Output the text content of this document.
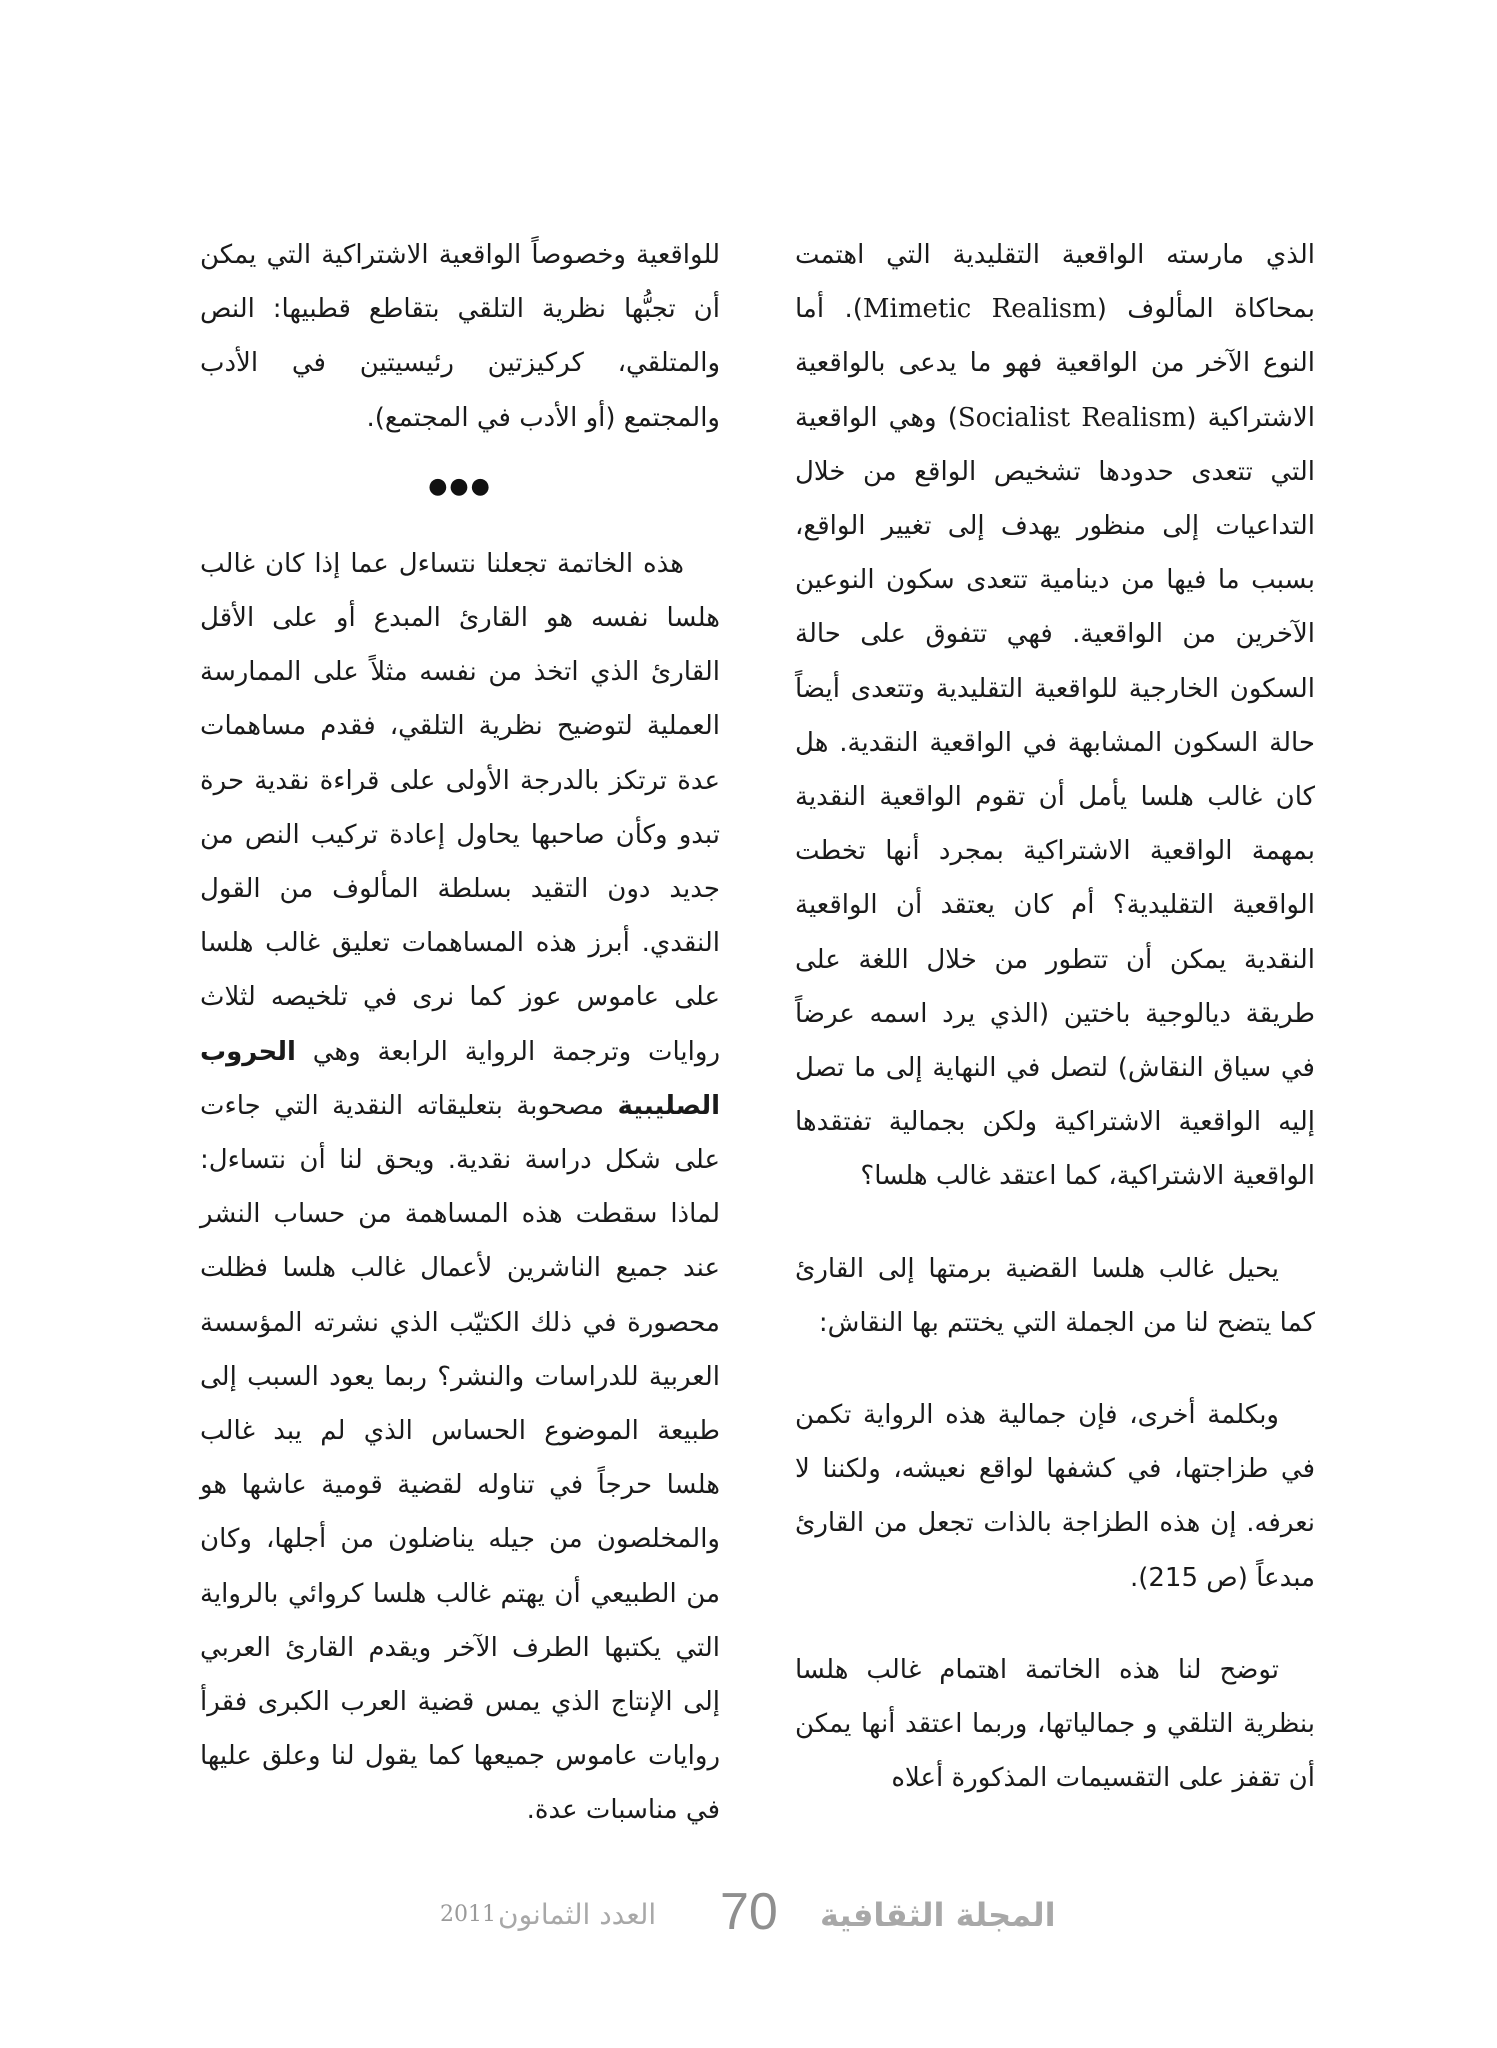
الذي مارسته الواقعية التقليدية التي اهتمت بمحاكاة المألوف (Mimetic Realism). أما النوع الآخر من الواقعية فهو ما يدعى بالواقعية الاشتراكية (Socialist Realism) وهي الواقعية التي تتعدى حدودها تشخيص الواقع من خلال التداعيات إلى منظور يهدف إلى تغيير الواقع، بسبب ما فيها من دينامية تتعدى سكون النوعين الآخرين من الواقعية. فهي تتفوق على حالة السكون الخارجية للواقعية التقليدية وتتعدى أيضاً حالة السكون المشابهة في الواقعية النقدية. هل كان غالب هلسا يأمل أن تقوم الواقعية النقدية بمهمة الواقعية الاشتراكية بمجرد أنها تخطت الواقعية التقليدية؟ أم كان يعتقد أن الواقعية النقدية يمكن أن تتطور من خلال اللغة على طريقة ديالوجية باختين (الذي يرد اسمه عرضاً في سياق النقاش) لتصل في النهاية إلى ما تصل إليه الواقعية الاشتراكية ولكن بجمالية تفتقدها الواقعية الاشتراكية، كما اعتقد غالب هلسا؟

يحيل غالب هلسا القضية برمتها إلى القارئ كما يتضح لنا من الجملة التي يختتم بها النقاش:

وبكلمة أخرى، فإن جمالية هذه الرواية تكمن في طزاجتها، في كشفها لواقع نعيشه، ولكننا لا نعرفه. إن هذه الطزاجة بالذات تجعل من القارئ مبدعاً (ص 215).

توضح لنا هذه الخاتمة اهتمام غالب هلسا بنظرية التلقي و جمالياتها، وربما اعتقد أنها يمكن أن تقفز على التقسيمات المذكورة أعلاه

للواقعية وخصوصاً الواقعية الاشتراكية التي يمكن أن تجبُّها نظرية التلقي بتقاطع قطبيها: النص والمتلقي، كركيزتين رئيسيتين في الأدب والمجتمع (أو الأدب في المجتمع).

●●●

هذه الخاتمة تجعلنا نتساءل عما إذا كان غالب هلسا نفسه هو القارئ المبدع أو على الأقل القارئ الذي اتخذ من نفسه مثلاً على الممارسة العملية لتوضيح نظرية التلقي، فقدم مساهمات عدة ترتكز بالدرجة الأولى على قراءة نقدية حرة تبدو وكأن صاحبها يحاول إعادة تركيب النص من جديد دون التقيد بسلطة المألوف من القول النقدي. أبرز هذه المساهمات تعليق غالب هلسا على عاموس عوز كما نرى في تلخيصه لثلاث روايات وترجمة الرواية الرابعة وهي الحروب الصليبية مصحوبة بتعليقاته النقدية التي جاءت على شكل دراسة نقدية. ويحق لنا أن نتساءل: لماذا سقطت هذه المساهمة من حساب النشر عند جميع الناشرين لأعمال غالب هلسا فظلت محصورة في ذلك الكتيّب الذي نشرته المؤسسة العربية للدراسات والنشر؟ ربما يعود السبب إلى طبيعة الموضوع الحساس الذي لم يبد غالب هلسا حرجاً في تناوله لقضية قومية عاشها هو والمخلصون من جيله يناضلون من أجلها، وكان من الطبيعي أن يهتم غالب هلسا كروائي بالرواية التي يكتبها الطرف الآخر ويقدم القارئ العربي إلى الإنتاج الذي يمس قضية العرب الكبرى فقرأ روايات عاموس جميعها كما يقول لنا وعلق عليها في مناسبات عدة.

2011 العدد الثمانون 70 المجلة الثقافية
